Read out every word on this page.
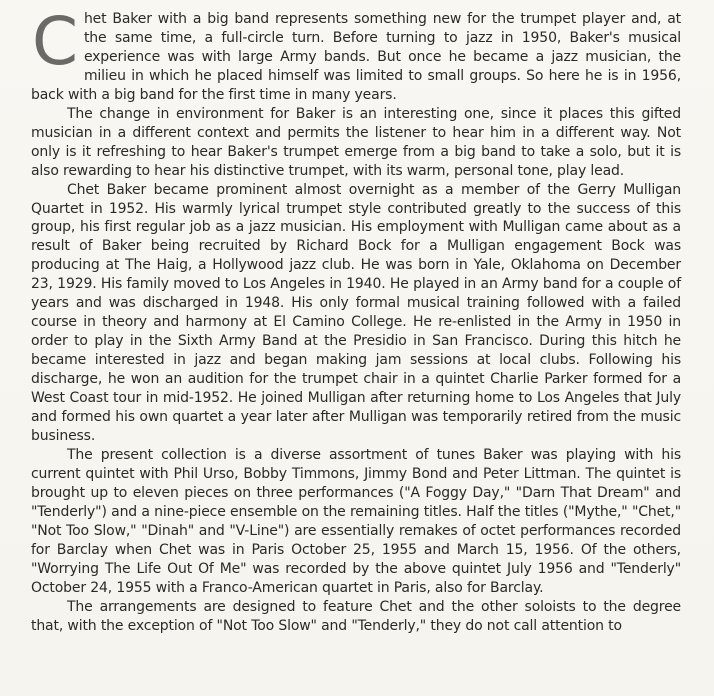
Chet Baker with a big band represents something new for the trumpet player and, at the same time, a full-circle turn. Before turning to jazz in 1950, Baker's musical experience was with large Army bands. But once he became a jazz musician, the milieu in which he placed himself was limited to small groups. So here he is in 1956, back with a big band for the first time in many years.

The change in environment for Baker is an interesting one, since it places this gifted musician in a different context and permits the listener to hear him in a different way. Not only is it refreshing to hear Baker's trumpet emerge from a big band to take a solo, but it is also rewarding to hear his distinctive trumpet, with its warm, personal tone, play lead.

Chet Baker became prominent almost overnight as a member of the Gerry Mulligan Quartet in 1952. His warmly lyrical trumpet style contributed greatly to the success of this group, his first regular job as a jazz musician. His employment with Mulligan came about as a result of Baker being recruited by Richard Bock for a Mulligan engagement Bock was producing at The Haig, a Hollywood jazz club. He was born in Yale, Oklahoma on December 23, 1929. His family moved to Los Angeles in 1940. He played in an Army band for a couple of years and was discharged in 1948. His only formal musical training followed with a failed course in theory and harmony at El Camino College. He re-enlisted in the Army in 1950 in order to play in the Sixth Army Band at the Presidio in San Francisco. During this hitch he became interested in jazz and began making jam sessions at local clubs. Following his discharge, he won an audition for the trumpet chair in a quintet Charlie Parker formed for a West Coast tour in mid-1952. He joined Mulligan after returning home to Los Angeles that July and formed his own quartet a year later after Mulligan was temporarily retired from the music business.

The present collection is a diverse assortment of tunes Baker was playing with his current quintet with Phil Urso, Bobby Timmons, Jimmy Bond and Peter Littman. The quintet is brought up to eleven pieces on three performances ("A Foggy Day," "Darn That Dream" and "Tenderly") and a nine-piece ensemble on the remaining titles. Half the titles ("Mythe," "Chet," "Not Too Slow," "Dinah" and "V-Line") are essentially remakes of octet performances recorded for Barclay when Chet was in Paris October 25, 1955 and March 15, 1956. Of the others, "Worrying The Life Out Of Me" was recorded by the above quintet July 1956 and "Tenderly" October 24, 1955 with a Franco-American quartet in Paris, also for Barclay.

The arrangements are designed to feature Chet and the other soloists to the degree that, with the exception of "Not Too Slow" and "Tenderly," they do not call attention to
